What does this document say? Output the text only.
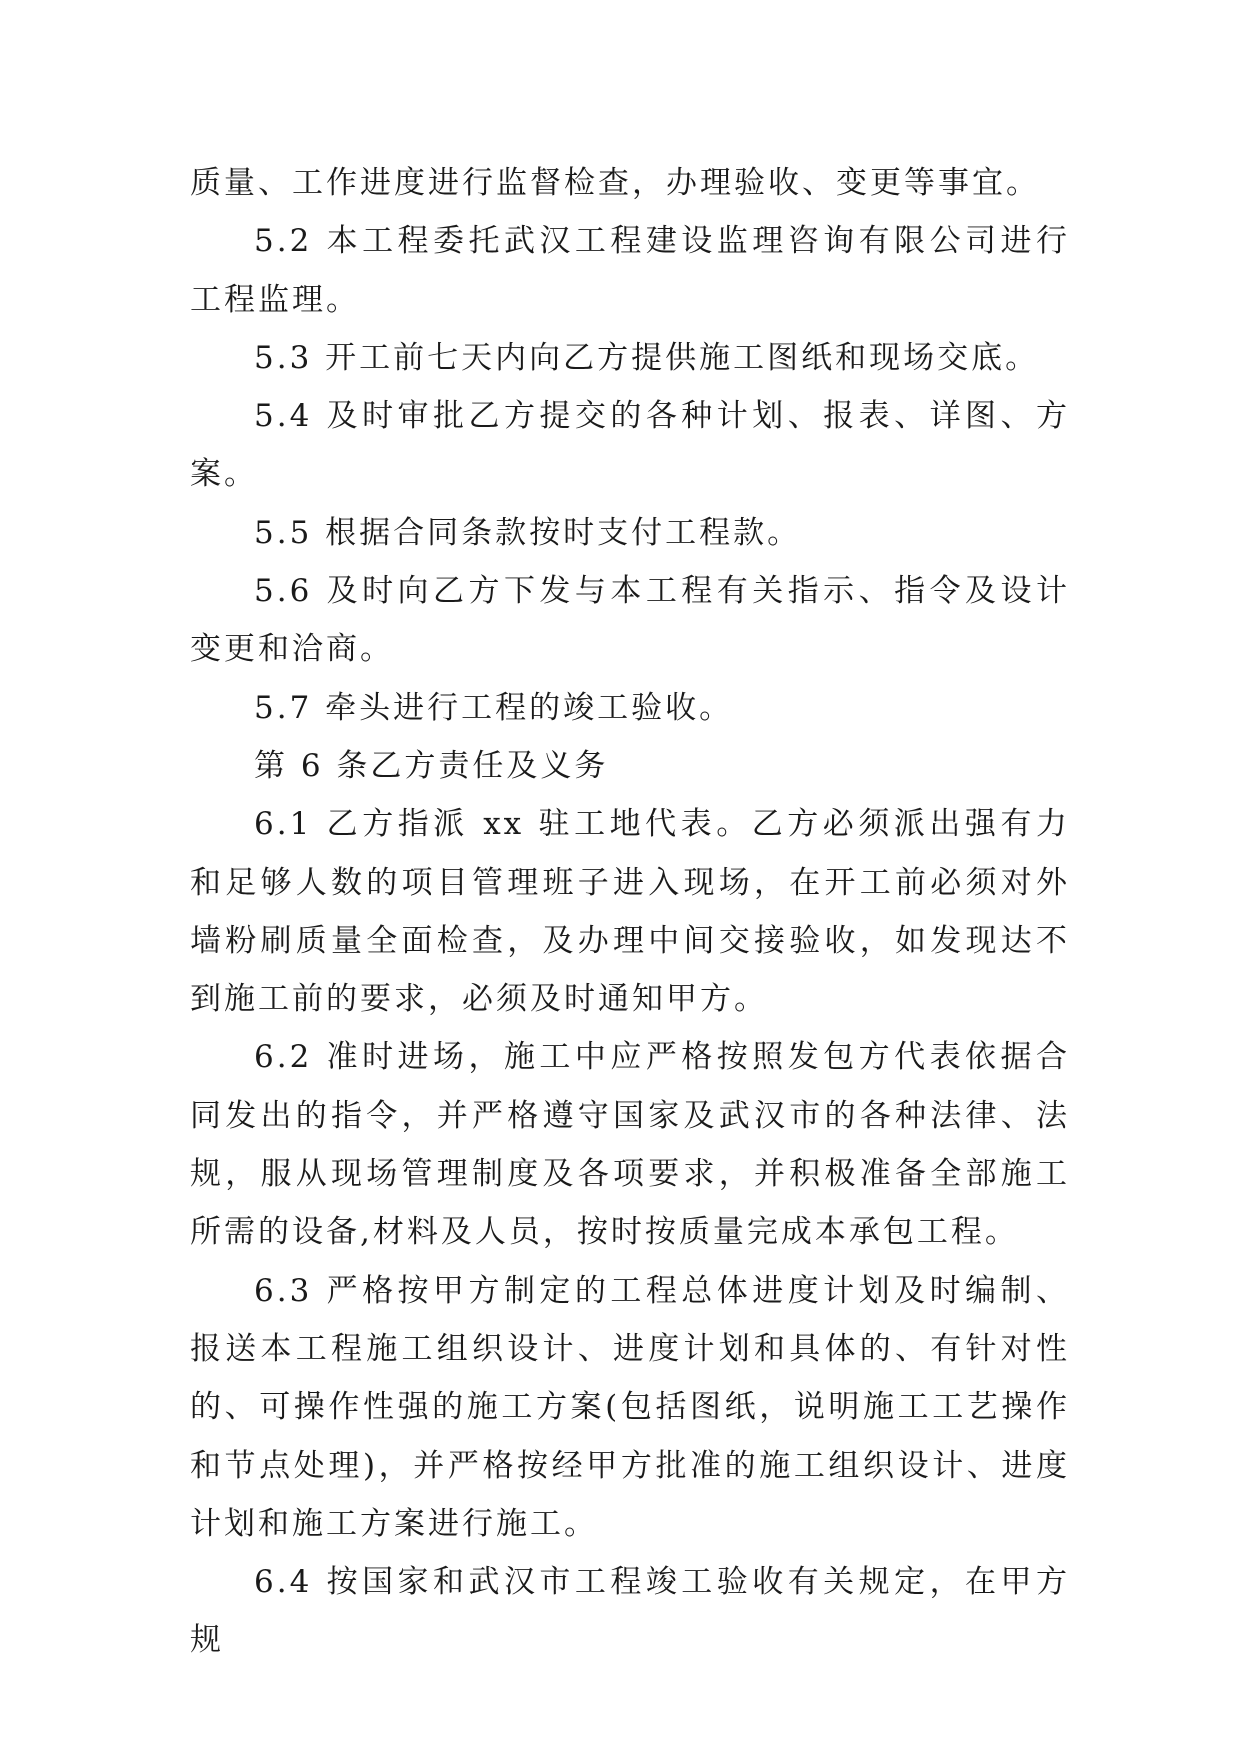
质量、工作进度进行监督检查，办理验收、变更等事宜。

5.2 本工程委托武汉工程建设监理咨询有限公司进行工程监理。

5.3 开工前七天内向乙方提供施工图纸和现场交底。

5.4 及时审批乙方提交的各种计划、报表、详图、方案。

5.5 根据合同条款按时支付工程款。

5.6 及时向乙方下发与本工程有关指示、指令及设计变更和洽商。

5.7 牵头进行工程的竣工验收。

第 6 条乙方责任及义务

6.1 乙方指派 xx 驻工地代表。乙方必须派出强有力和足够人数的项目管理班子进入现场，在开工前必须对外墙粉刷质量全面检查，及办理中间交接验收，如发现达不到施工前的要求，必须及时通知甲方。

6.2 准时进场，施工中应严格按照发包方代表依据合同发出的指令，并严格遵守国家及武汉市的各种法律、法规，服从现场管理制度及各项要求，并积极准备全部施工所需的设备,材料及人员，按时按质量完成本承包工程。

6.3 严格按甲方制定的工程总体进度计划及时编制、报送本工程施工组织设计、进度计划和具体的、有针对性的、可操作性强的施工方案(包括图纸，说明施工工艺操作和节点处理)，并严格按经甲方批准的施工组织设计、进度计划和施工方案进行施工。

6.4 按国家和武汉市工程竣工验收有关规定，在甲方规
